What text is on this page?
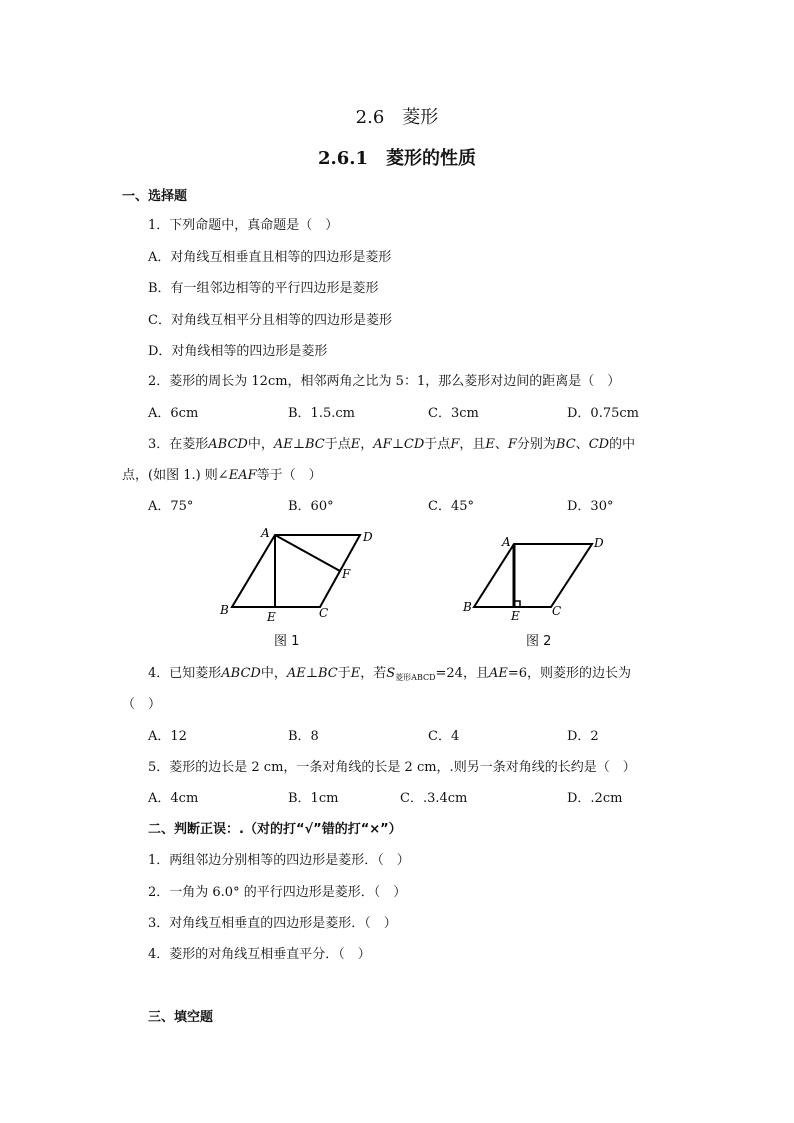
2.6　菱形
2.6.1　菱形的性质
一、选择题
1．下列命题中，真命题是（　）
A．对角线互相垂直且相等的四边形是菱形
B．有一组邻边相等的平行四边形是菱形
C．对角线互相平分且相等的四边形是菱形
D．对角线相等的四边形是菱形
2．菱形的周长为 12cm，相邻两角之比为 5：1，那么菱形对边间的距离是（　）
A．6cm	B．1.5.cm	C．3cm	D．0.75cm
3．在菱形ABCD中，AE⊥BC于点E，AF⊥CD于点F，且E、F分别为BC、CD的中
点，(如图 1.) 则∠EAF等于（　）
A．75°	B．60°	C．45°	D．30°
A	D
B	C
E
F
图 1
A	D
B	C
E
图 2
4．已知菱形ABCD中，AE⊥BC于E，若$S_{菱形ABCD}=24$，且AE=6，则菱形的边长为
（　）
A．12	B．8	C．4	D．2
5．菱形的边长是 2 cm，一条对角线的长是 2 cm，.则另一条对角线的长约是（　）
A．4cm	B．1cm	C．.3.4cm	D．.2cm
二、判断正误：.（对的打“√”错的打“×”）
1．两组邻边分别相等的四边形是菱形．（　）
2．一角为 6.0° 的平行四边形是菱形．（　）
3．对角线互相垂直的四边形是菱形．（　）
4．菱形的对角线互相垂直平分．（　）
三、填空题
